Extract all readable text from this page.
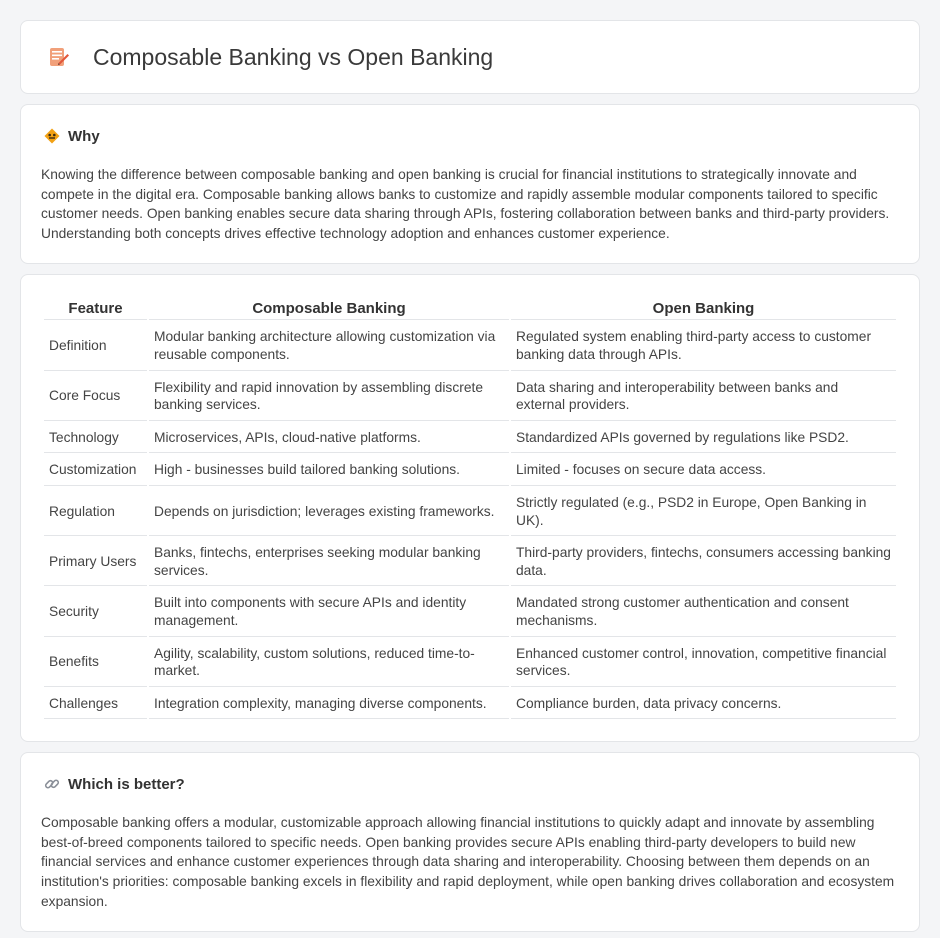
Composable Banking vs Open Banking
Why

Knowing the difference between composable banking and open banking is crucial for financial institutions to strategically innovate and compete in the digital era. Composable banking allows banks to customize and rapidly assemble modular components tailored to specific customer needs. Open banking enables secure data sharing through APIs, fostering collaboration between banks and third-party providers. Understanding both concepts drives effective technology adoption and enhances customer experience.

Feature	Composable Banking	Open Banking
Definition	Modular banking architecture allowing customization via reusable components.	Regulated system enabling third-party access to customer banking data through APIs.
Core Focus	Flexibility and rapid innovation by assembling discrete banking services.	Data sharing and interoperability between banks and external providers.
Technology	Microservices, APIs, cloud-native platforms.	Standardized APIs governed by regulations like PSD2.
Customization	High - businesses build tailored banking solutions.	Limited - focuses on secure data access.
Regulation	Depends on jurisdiction; leverages existing frameworks.	Strictly regulated (e.g., PSD2 in Europe, Open Banking in UK).
Primary Users	Banks, fintechs, enterprises seeking modular banking services.	Third-party providers, fintechs, consumers accessing banking data.
Security	Built into components with secure APIs and identity management.	Mandated strong customer authentication and consent mechanisms.
Benefits	Agility, scalability, custom solutions, reduced time-to-market.	Enhanced customer control, innovation, competitive financial services.
Challenges	Integration complexity, managing diverse components.	Compliance burden, data privacy concerns.
Which is better?

Composable banking offers a modular, customizable approach allowing financial institutions to quickly adapt and innovate by assembling best-of-breed components tailored to specific needs. Open banking provides secure APIs enabling third-party developers to build new financial services and enhance customer experiences through data sharing and interoperability. Choosing between them depends on an institution's priorities: composable banking excels in flexibility and rapid deployment, while open banking drives collaboration and ecosystem expansion.
